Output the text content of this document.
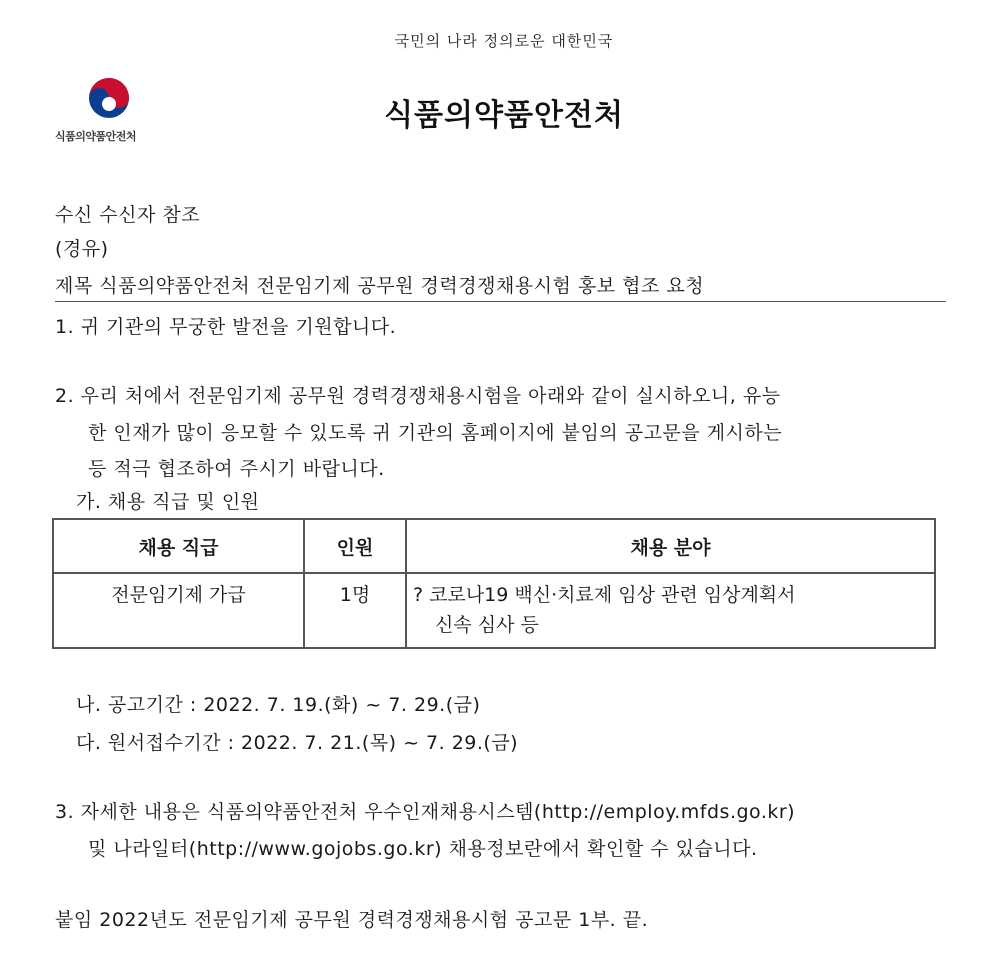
국민의 나라 정의로운 대한민국
식품의약품안전처
식품의약품안전처
수신 수신자 참조
(경유)
제목 식품의약품안전처 전문임기제 공무원 경력경쟁채용시험 홍보 협조 요청
1. 귀 기관의 무궁한 발전을 기원합니다.
2. 우리 처에서 전문임기제 공무원 경력경쟁채용시험을 아래와 같이 실시하오니, 유능
한 인재가 많이 응모할 수 있도록 귀 기관의 홈페이지에 붙임의 공고문을 게시하는
등 적극 협조하여 주시기 바랍니다.
가. 채용 직급 및 인원
채용 직급	인원	채용 분야
전문임기제 가급	1명	? 코로나19 백신·치료제 임상 관련 임상계획서
신속 심사 등
나. 공고기간 : 2022. 7. 19.(화) ~ 7. 29.(금)
다. 원서접수기간 : 2022. 7. 21.(목) ~ 7. 29.(금)
3. 자세한 내용은 식품의약품안전처 우수인재채용시스템(http://employ.mfds.go.kr)
및 나라일터(http://www.gojobs.go.kr) 채용정보란에서 확인할 수 있습니다.
붙임 2022년도 전문임기제 공무원 경력경쟁채용시험 공고문 1부. 끝.
